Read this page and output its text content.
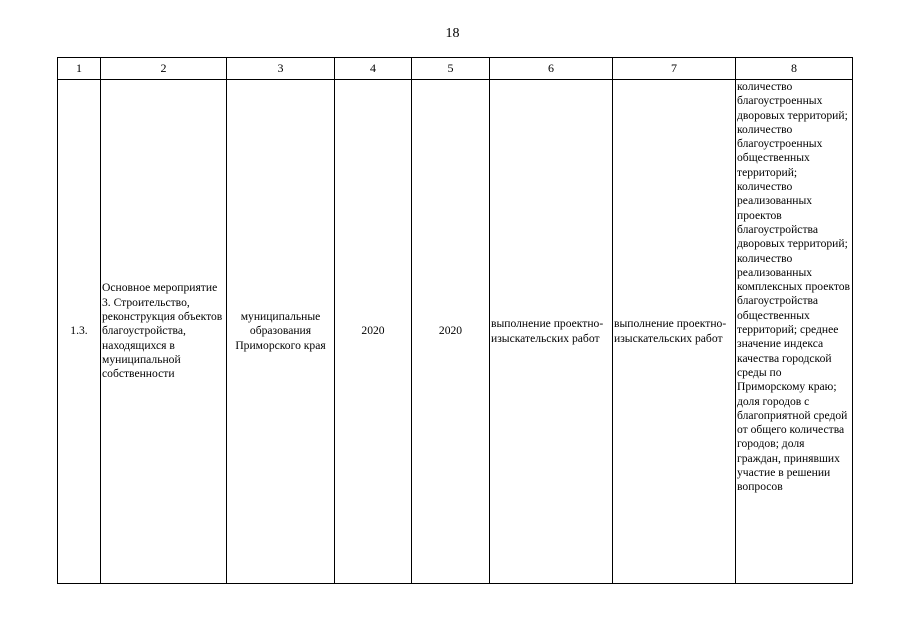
18
1	2	3	4	5	6	7	8
1.3.	Основное мероприятие 3. Строительство, реконструкция объектов благоустройства, находящихся в муниципальной собственности	муниципальные образования Приморского края	2020	2020	выполнение проектно-изыскательских работ	выполнение проектно-изыскательских работ	количество благоустроенных дворовых территорий; количество благоустроенных общественных территорий; количество реализованных проектов благоустройства дворовых территорий; количество реализованных комплексных проектов благоустройства общественных территорий; среднее значение индекса качества городской среды по Приморскому краю; доля городов с благоприятной средой от общего количества городов; доля граждан, принявших участие в решении вопросов
